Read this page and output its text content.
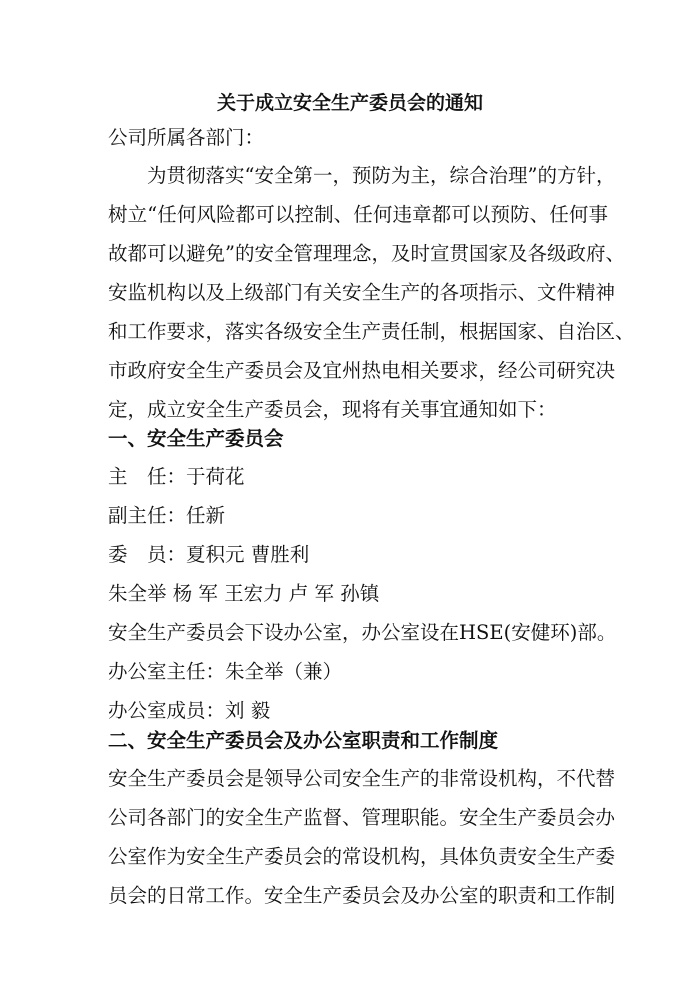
关于成立安全生产委员会的通知
公司所属各部门：
为贯彻落实“安全第一，预防为主，综合治理”的方针，
树立“任何风险都可以控制、任何违章都可以预防、任何事
故都可以避免”的安全管理理念，及时宣贯国家及各级政府、
安监机构以及上级部门有关安全生产的各项指示、文件精神
和工作要求，落实各级安全生产责任制，根据国家、自治区、
市政府安全生产委员会及宜州热电相关要求，经公司研究决
定，成立安全生产委员会，现将有关事宜通知如下：
一、安全生产委员会
主　任：于荷花
副主任：任新
委　员：夏积元 曹胜利
朱全举 杨 军 王宏力 卢 军 孙镇
安全生产委员会下设办公室，办公室设在HSE(安健环)部。
办公室主任：朱全举（兼）
办公室成员：刘 毅
二、安全生产委员会及办公室职责和工作制度
安全生产委员会是领导公司安全生产的非常设机构，不代替
公司各部门的安全生产监督、管理职能。安全生产委员会办
公室作为安全生产委员会的常设机构，具体负责安全生产委
员会的日常工作。安全生产委员会及办公室的职责和工作制
